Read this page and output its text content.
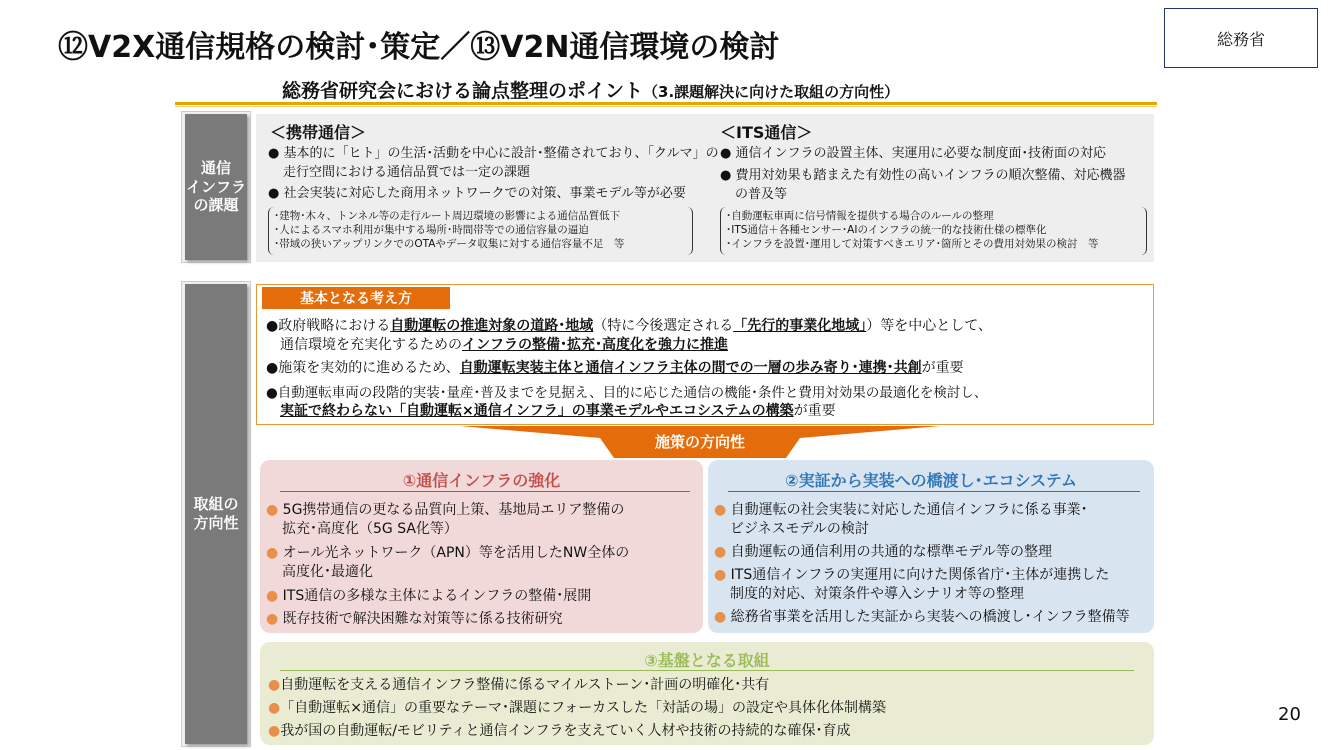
⑫V2X通信規格の検討･策定／⑬V2N通信環境の検討	総務省
総務省研究会における論点整理のポイント（3.課題解決に向けた取組の方向性）
通信
インフラ
の課題
＜携帯通信＞
● 基本的に「ヒト」の生活･活動を中心に設計･整備されており、「クルマ」の
走行空間における通信品質では一定の課題
● 社会実装に対応した商用ネットワークでの対策、事業モデル等が必要
･建物･木々、トンネル等の走行ルート周辺環境の影響による通信品質低下
･人によるスマホ利用が集中する場所･時間帯等での通信容量の逼迫
･帯域の狭いアップリンクでのOTAやデータ収集に対する通信容量不足　等
＜ITS通信＞
● 通信インフラの設置主体、実運用に必要な制度面･技術面の対応
● 費用対効果も踏まえた有効性の高いインフラの順次整備、対応機器
の普及等
･自動運転車両に信号情報を提供する場合のルールの整理
･ITS通信＋各種センサー･AIのインフラの統一的な技術仕様の標準化
･インフラを設置･運用して対策すべきエリア･箇所とその費用対効果の検討　等
取組の
方向性
基本となる考え方
●政府戦略における自動運転の推進対象の道路･地域（特に今後選定される「先行的事業化地域」）等を中心として、
通信環境を充実化するためのインフラの整備･拡充･高度化を強力に推進
●施策を実効的に進めるため、自動運転実装主体と通信インフラ主体の間での一層の歩み寄り･連携･共創が重要
●自動運転車両の段階的実装･量産･普及までを見据え、目的に応じた通信の機能･条件と費用対効果の最適化を検討し、
実証で終わらない「自動運転×通信インフラ」の事業モデルやエコシステムの構築が重要
施策の方向性
①通信インフラの強化
● 5G携帯通信の更なる品質向上策、基地局エリア整備の
拡充･高度化（5G SA化等）
● オール光ネットワーク（APN）等を活用したNW全体の
高度化･最適化
● ITS通信の多様な主体によるインフラの整備･展開
● 既存技術で解決困難な対策等に係る技術研究
②実証から実装への橋渡し･エコシステム
● 自動運転の社会実装に対応した通信インフラに係る事業･
ビジネスモデルの検討
● 自動運転の通信利用の共通的な標準モデル等の整理
● ITS通信インフラの実運用に向けた関係省庁･主体が連携した
制度的対応、対策条件や導入シナリオ等の整理
● 総務省事業を活用した実証から実装への橋渡し･インフラ整備等
③基盤となる取組
●自動運転を支える通信インフラ整備に係るマイルストーン･計画の明確化･共有
●「自動運転×通信」の重要なテーマ･課題にフォーカスした「対話の場」の設定や具体化体制構築
●我が国の自動運転/モビリティと通信インフラを支えていく人材や技術の持続的な確保･育成
20
